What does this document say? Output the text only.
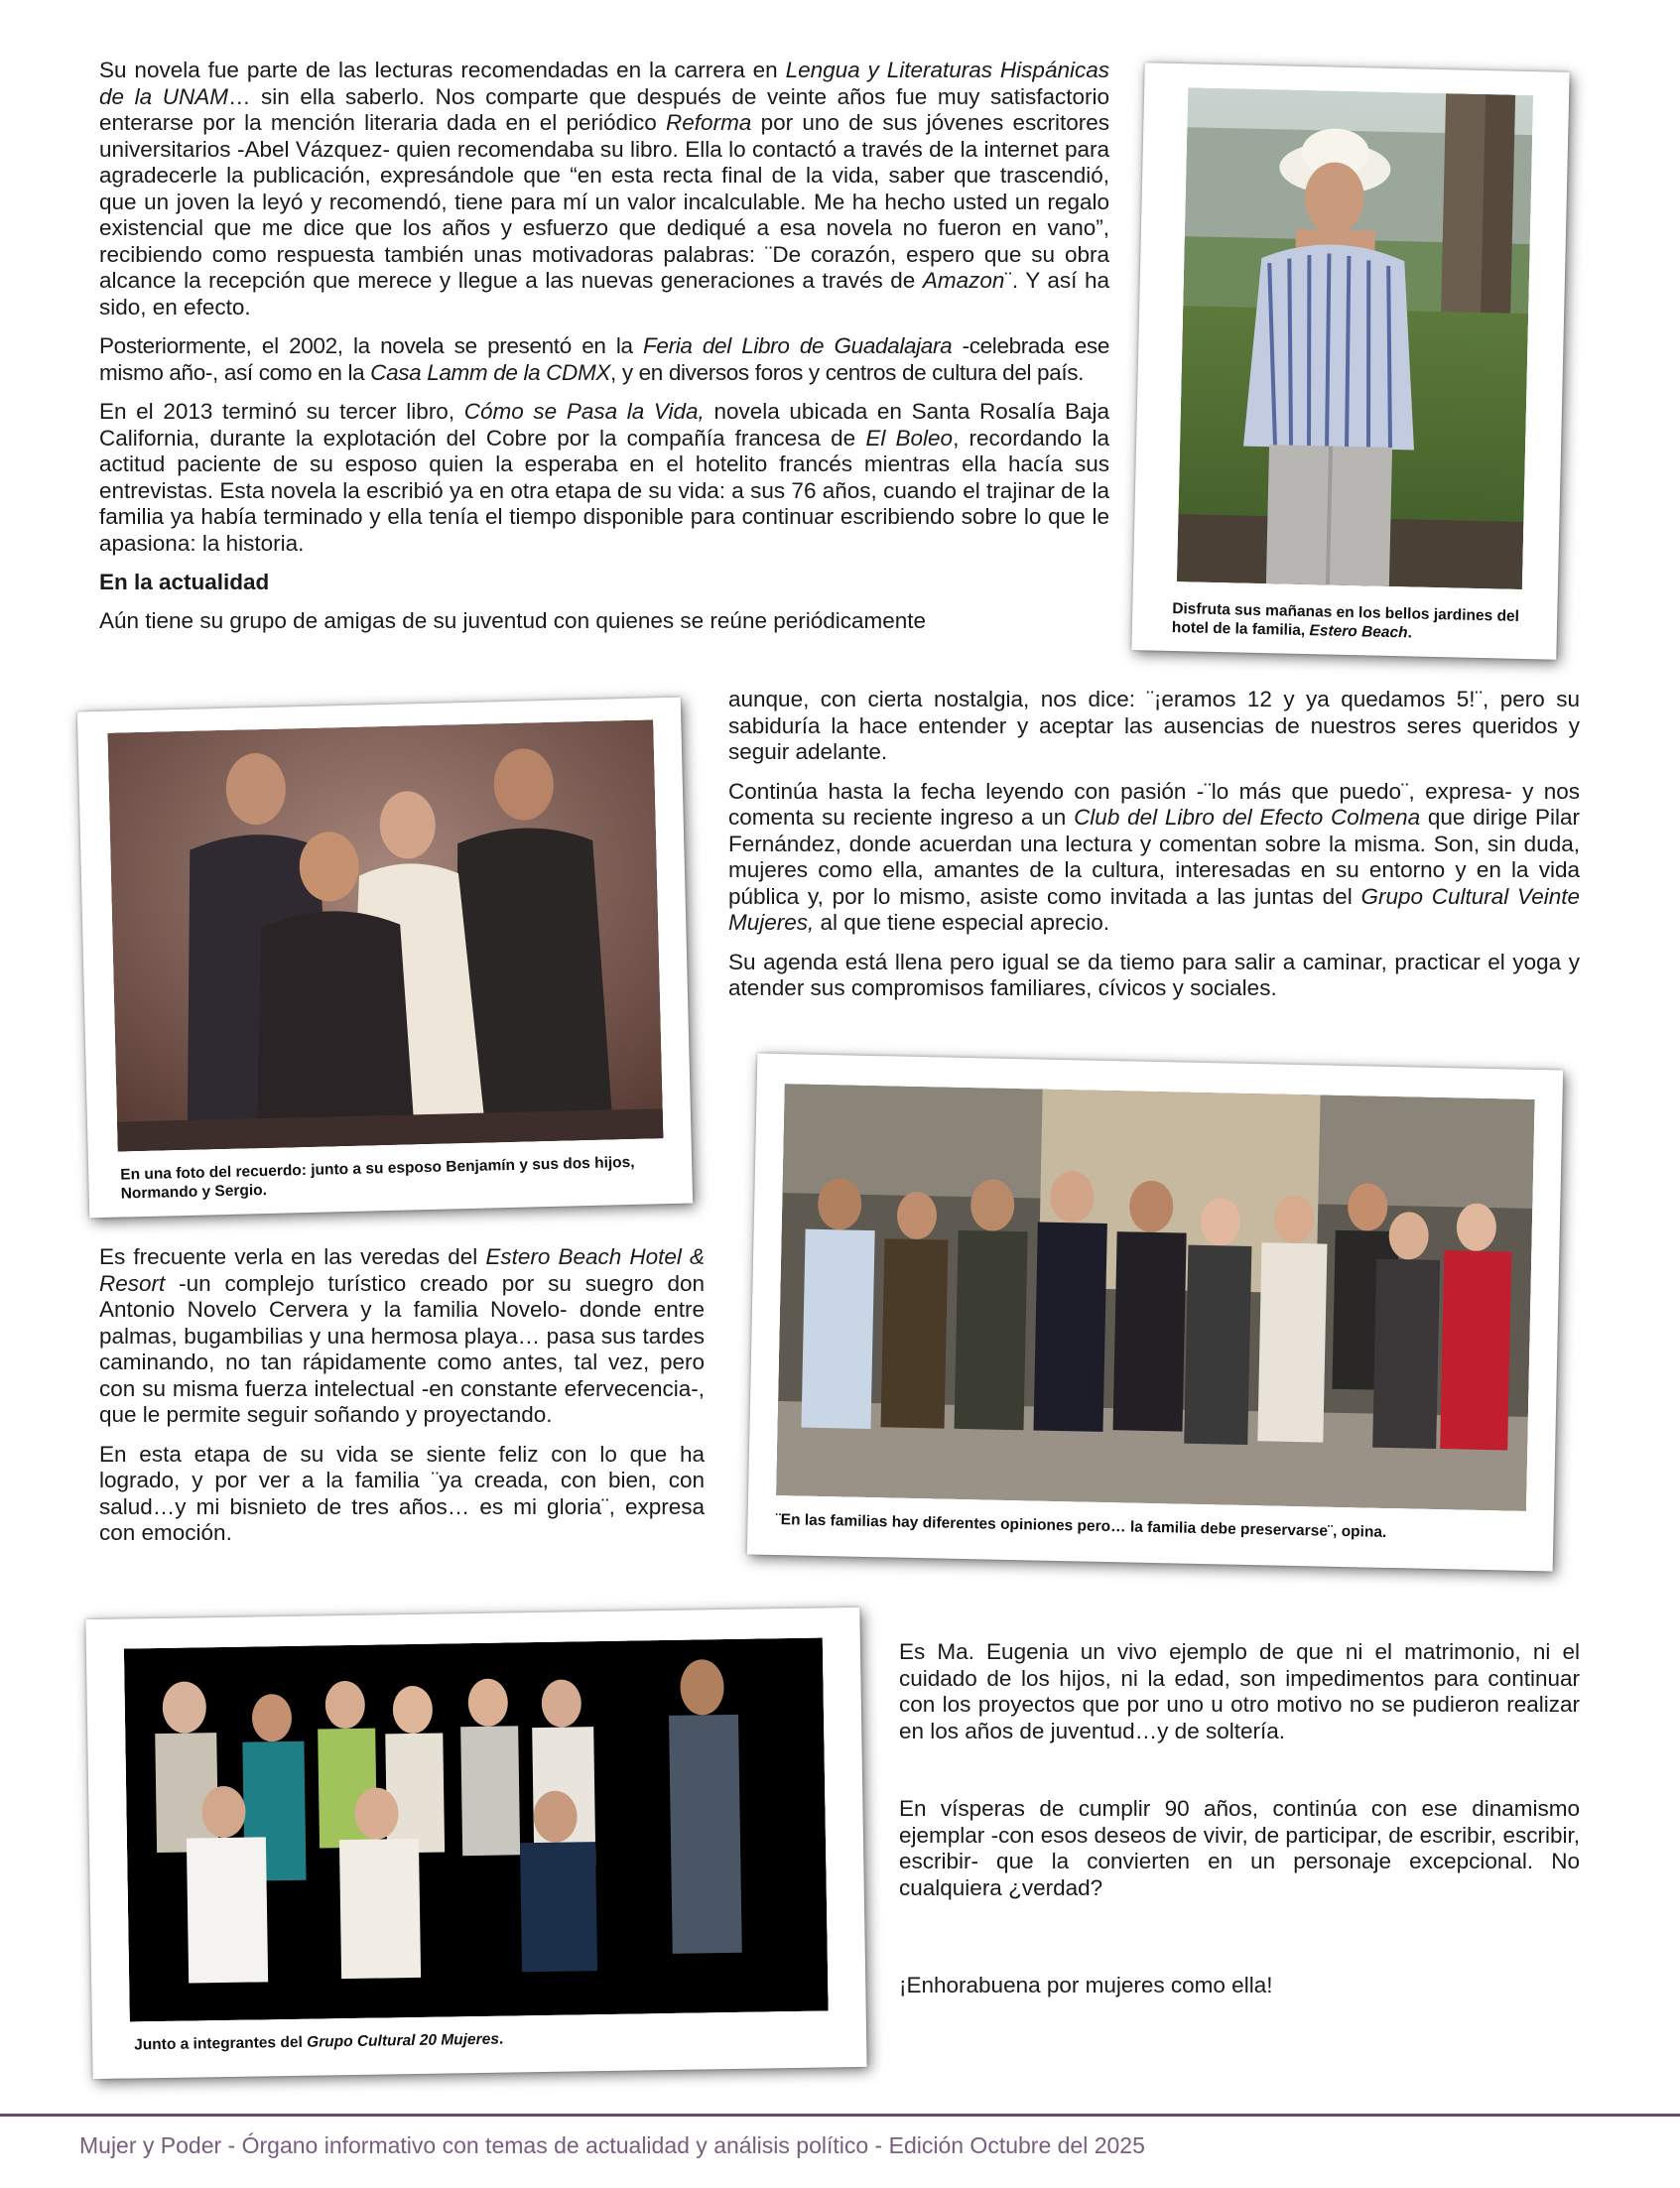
Su novela fue parte de las lecturas recomendadas en la carrera en Lengua y Literaturas Hispánicas de la UNAM… sin ella saberlo. Nos comparte que después de veinte años fue muy satisfactorio enterarse por la mención literaria dada en el periódico Reforma por uno de sus jóvenes escritores universitarios -Abel Vázquez- quien recomendaba su libro. Ella lo contactó a través de la internet para agradecerle la publicación, expresándole que “en esta recta final de la vida, saber que trascendió, que un joven la leyó y recomendó, tiene para mí un valor incalculable. Me ha hecho usted un regalo existencial que me dice que los años y esfuerzo que dediqué a esa novela no fueron en vano”, recibiendo como respuesta también unas motivadoras palabras: ¨De corazón, espero que su obra alcance la recepción que merece y llegue a las nuevas generaciones a través de Amazon¨. Y así ha sido, en efecto.

Posteriormente, el 2002, la novela se presentó en la Feria del Libro de Guadalajara -celebrada ese mismo año-, así como en la Casa Lamm de la CDMX, y en diversos foros y centros de cultura del país.

En el 2013 terminó su tercer libro, Cómo se Pasa la Vida, novela ubicada en Santa Rosalía Baja California, durante la explotación del Cobre por la compañía francesa de El Boleo, recordando la actitud paciente de su esposo quien la esperaba en el hotelito francés mientras ella hacía sus entrevistas. Esta novela la escribió ya en otra etapa de su vida: a sus 76 años, cuando el trajinar de la familia ya había terminado y ella tenía el tiempo disponible para continuar escribiendo sobre lo que le apasiona: la historia.

En la actualidad
Aún tiene su grupo de amigas de su juventud con quienes se reúne periódicamente	Disfruta sus mañanas en los bellos jardines del hotel de la familia, Estero Beach.
En una foto del recuerdo: junto a su esposo Benjamín y sus dos hijos, Normando y Sergio.

aunque, con cierta nostalgia, nos dice: ¨¡eramos 12 y ya quedamos 5!¨, pero su sabiduría la hace entender y aceptar las ausencias de nuestros seres queridos y seguir adelante.

Continúa hasta la fecha leyendo con pasión -¨lo más que puedo¨, expresa- y nos comenta su reciente ingreso a un Club del Libro del Efecto Colmena que dirige Pilar Fernández, donde acuerdan una lectura y comentan sobre la misma. Son, sin duda, mujeres como ella, amantes de la cultura, interesadas en su entorno y en la vida pública y, por lo mismo, asiste como invitada a las juntas del Grupo Cultural Veinte Mujeres, al que tiene especial aprecio.

Su agenda está llena pero igual se da tiemo para salir a caminar, practicar el yoga y atender sus compromisos familiares, cívicos y sociales.

¨En las familias hay diferentes opiniones pero… la familia debe preservarse¨, opina.

Es frecuente verla en las veredas del Estero Beach Hotel & Resort -un complejo turístico creado por su suegro don Antonio Novelo Cervera y la familia Novelo- donde entre palmas, bugambilias y una hermosa playa… pasa sus tardes caminando, no tan rápidamente como antes, tal vez, pero con su misma fuerza intelectual -en constante efervecencia-, que le permite seguir soñando y proyectando.

En esta etapa de su vida se siente feliz con lo que ha logrado, y por ver a la familia ¨ya creada, con bien, con salud…y mi bisnieto de tres años… es mi gloria¨, expresa con emoción.

Junto a integrantes del Grupo Cultural 20 Mujeres.

Es Ma. Eugenia un vivo ejemplo de que ni el matrimonio, ni el cuidado de los hijos, ni la edad, son impedimentos para continuar con los proyectos que por uno u otro motivo no se pudieron realizar en los años de juventud…y de soltería.

En vísperas de cumplir 90 años, continúa con ese dinamismo ejemplar -con esos deseos de vivir, de participar, de escribir, escribir, escribir- que la convierten en un personaje excepcional. No cualquiera ¿verdad?

¡Enhorabuena por mujeres como ella!

Mujer y Poder - Órgano informativo con temas de actualidad y análisis político - Edición Octubre del 2025
